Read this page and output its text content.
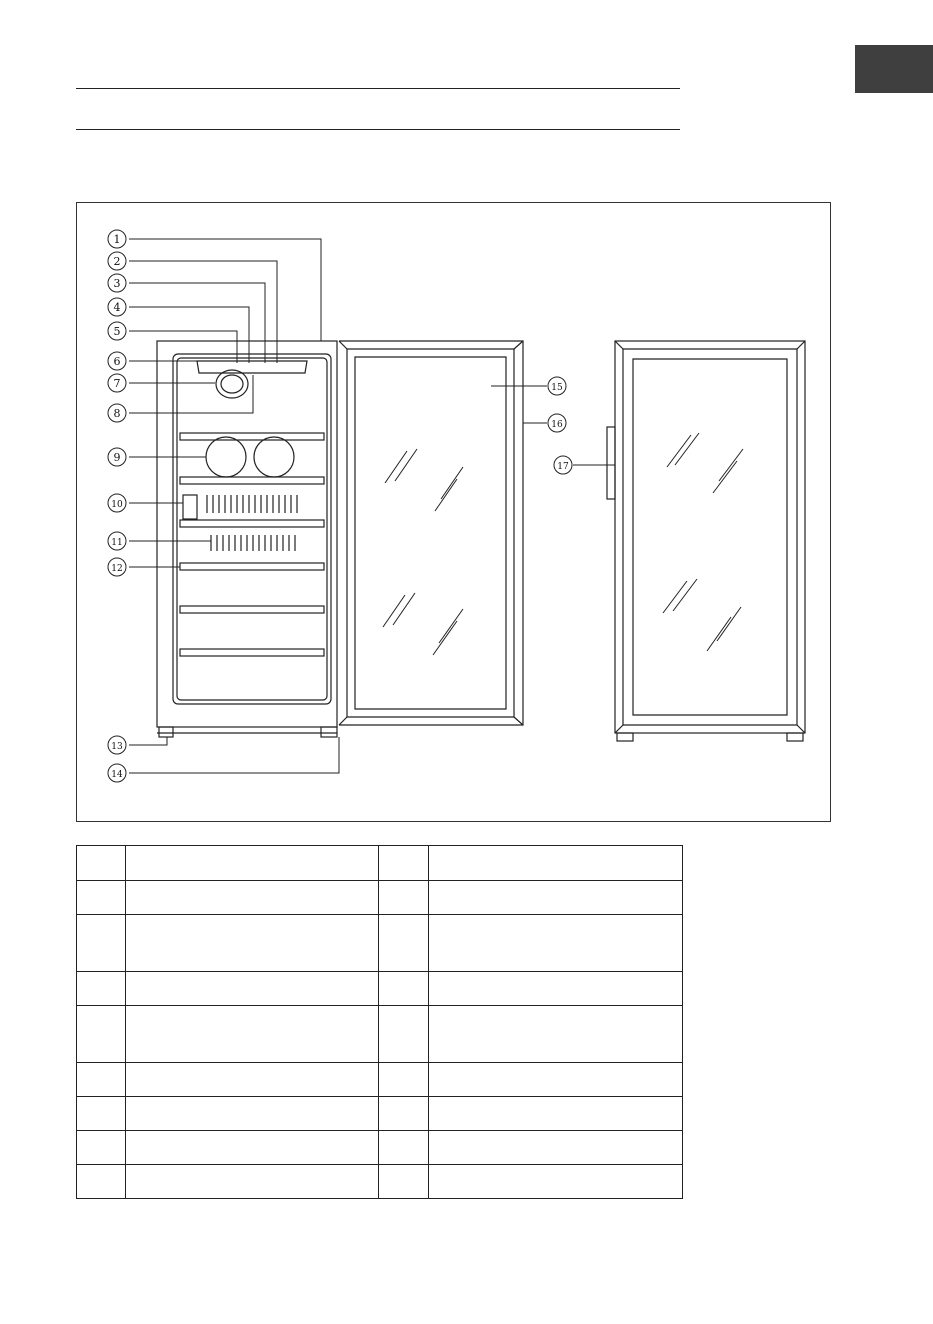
1
2
3
4
5
6
7
8
9
10
11
12
13
14
15
16
17
